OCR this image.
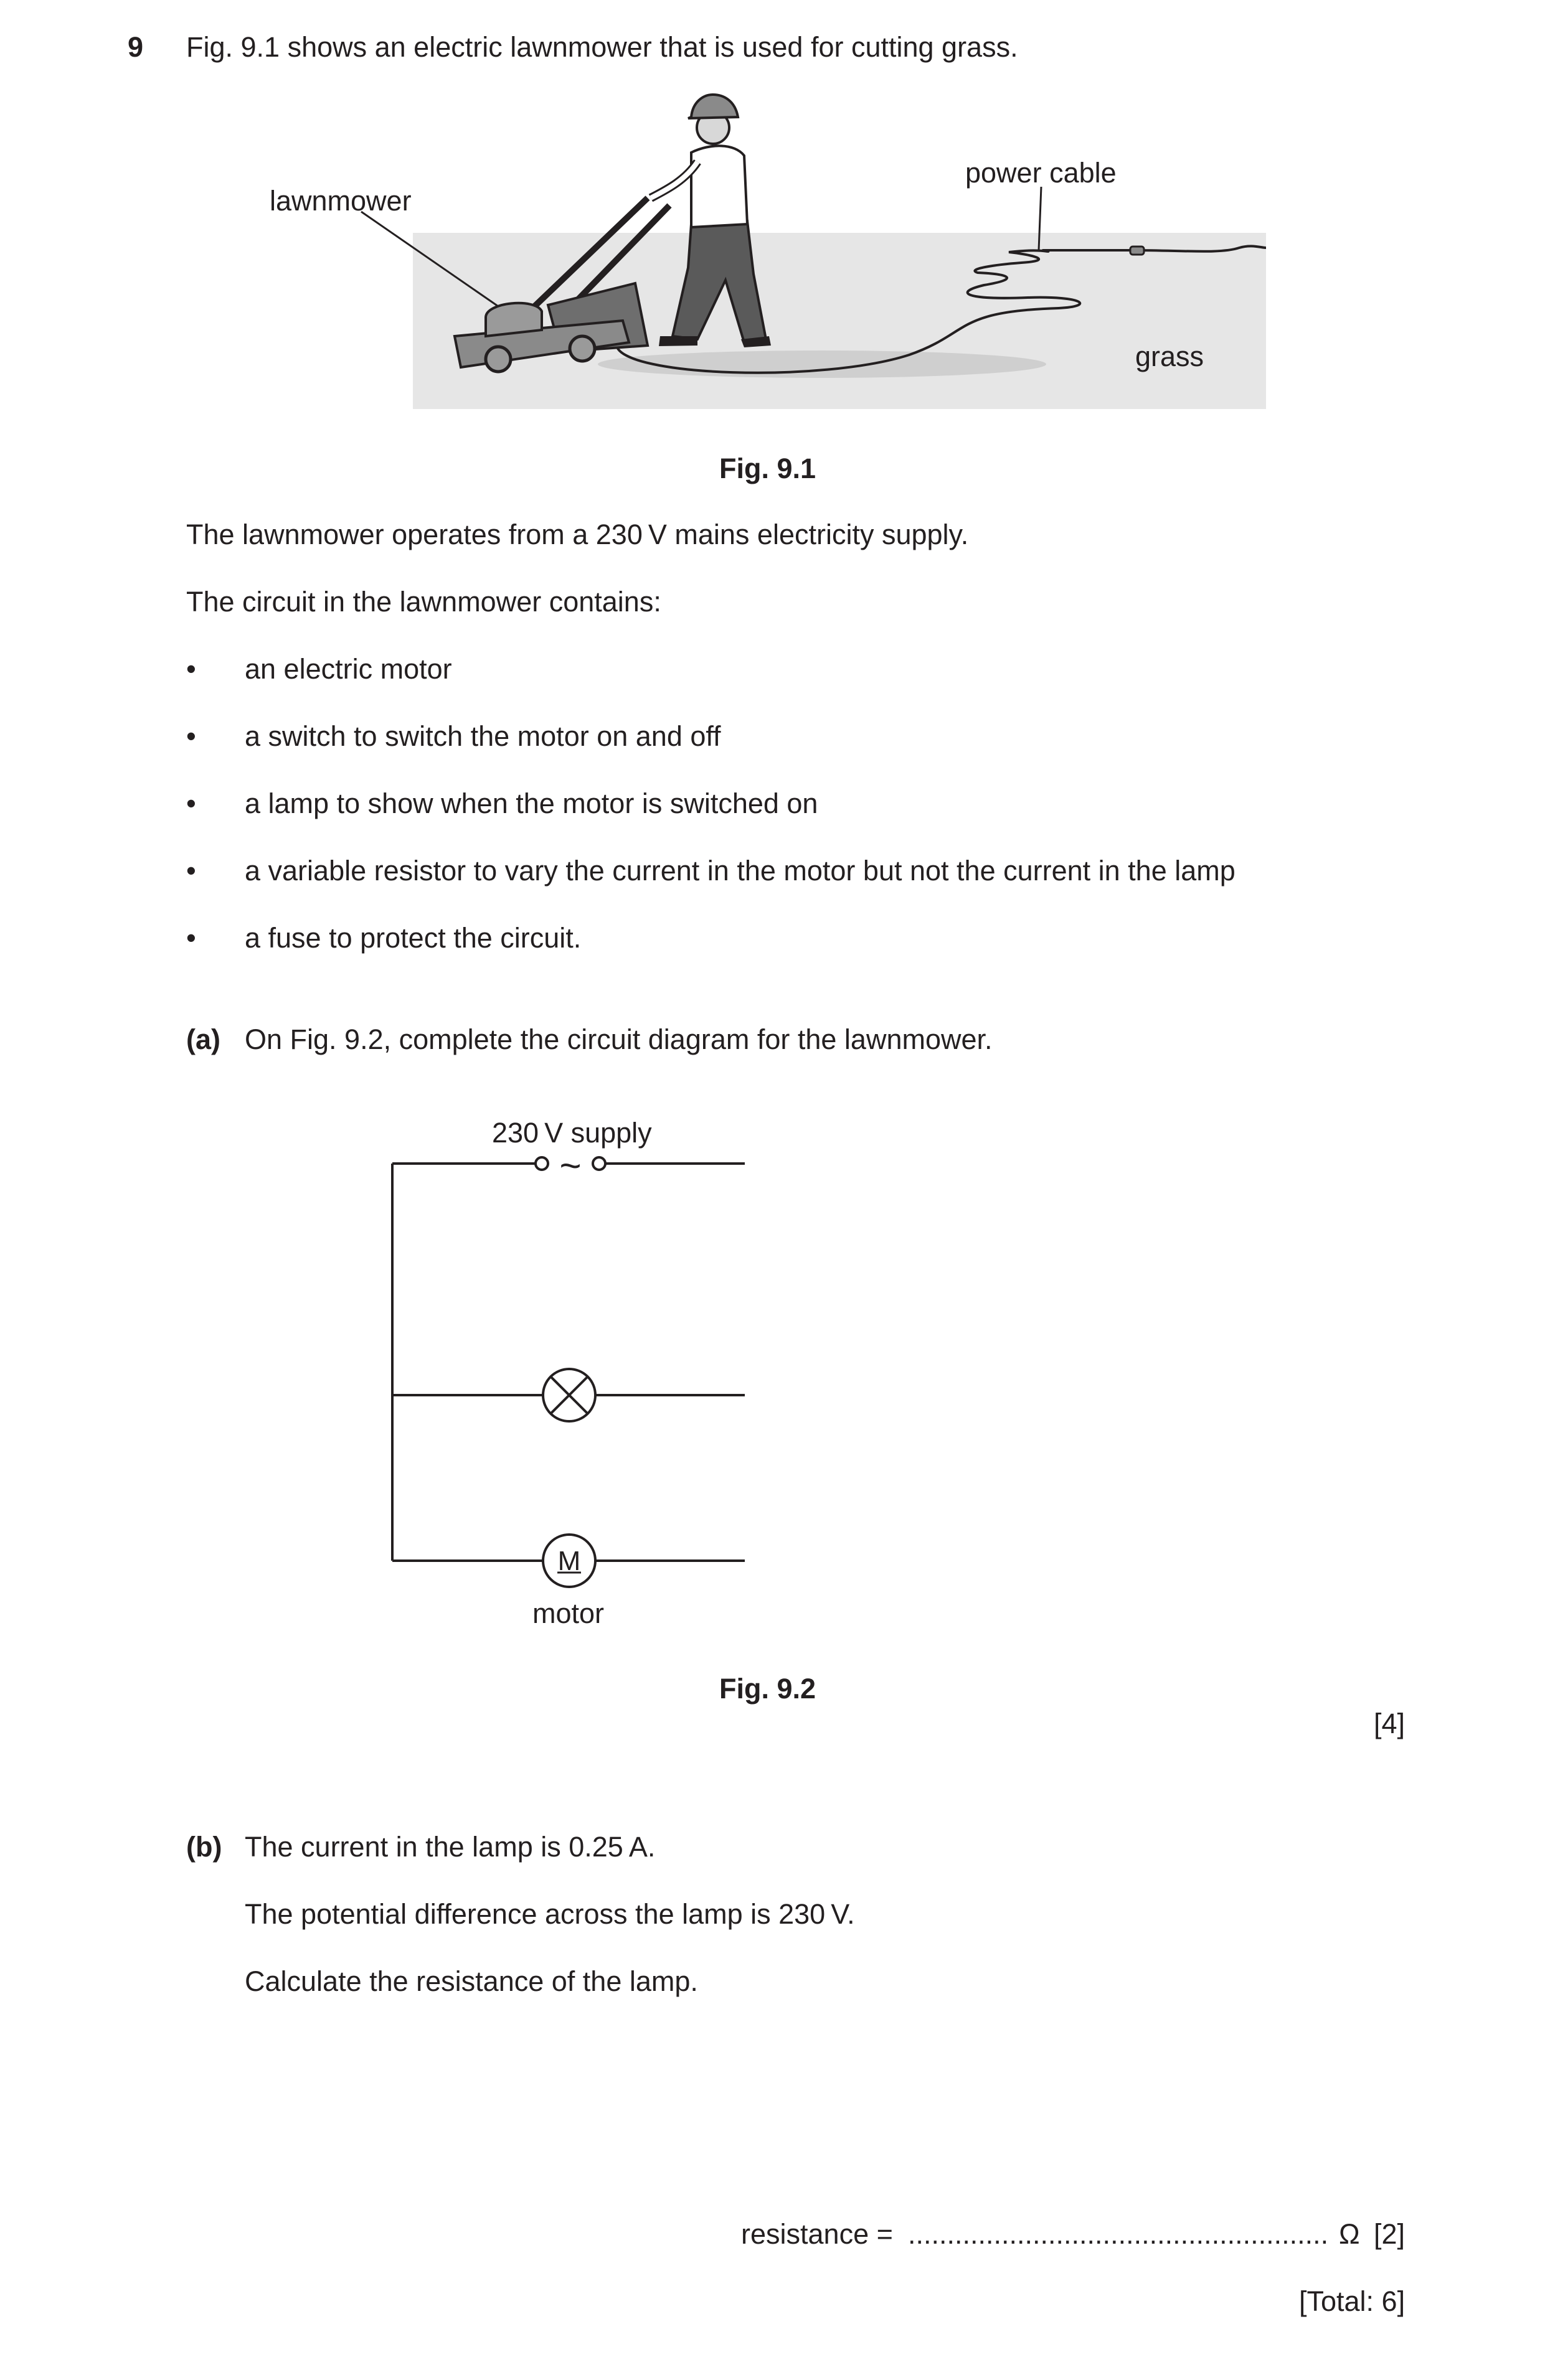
9 Fig. 9.1 shows an electric lawnmower that is used for cutting grass.
lawnmower
power cable
grass
Fig. 9.1
The lawnmower operates from a 230 V mains electricity supply.
The circuit in the lawnmower contains:
• an electric motor
• a switch to switch the motor on and off
• a lamp to show when the motor is switched on
• a variable resistor to vary the current in the motor but not the current in the lamp
• a fuse to protect the circuit.
(a) On Fig. 9.2, complete the circuit diagram for the lawnmower.
~
M
230 V supply
motor
Fig. 9.2
[4]
(b) The current in the lamp is 0.25 A.
The potential difference across the lamp is 230 V.
Calculate the resistance of the lamp.
resistance = ...................................................... Ω [2]
[Total: 6]
